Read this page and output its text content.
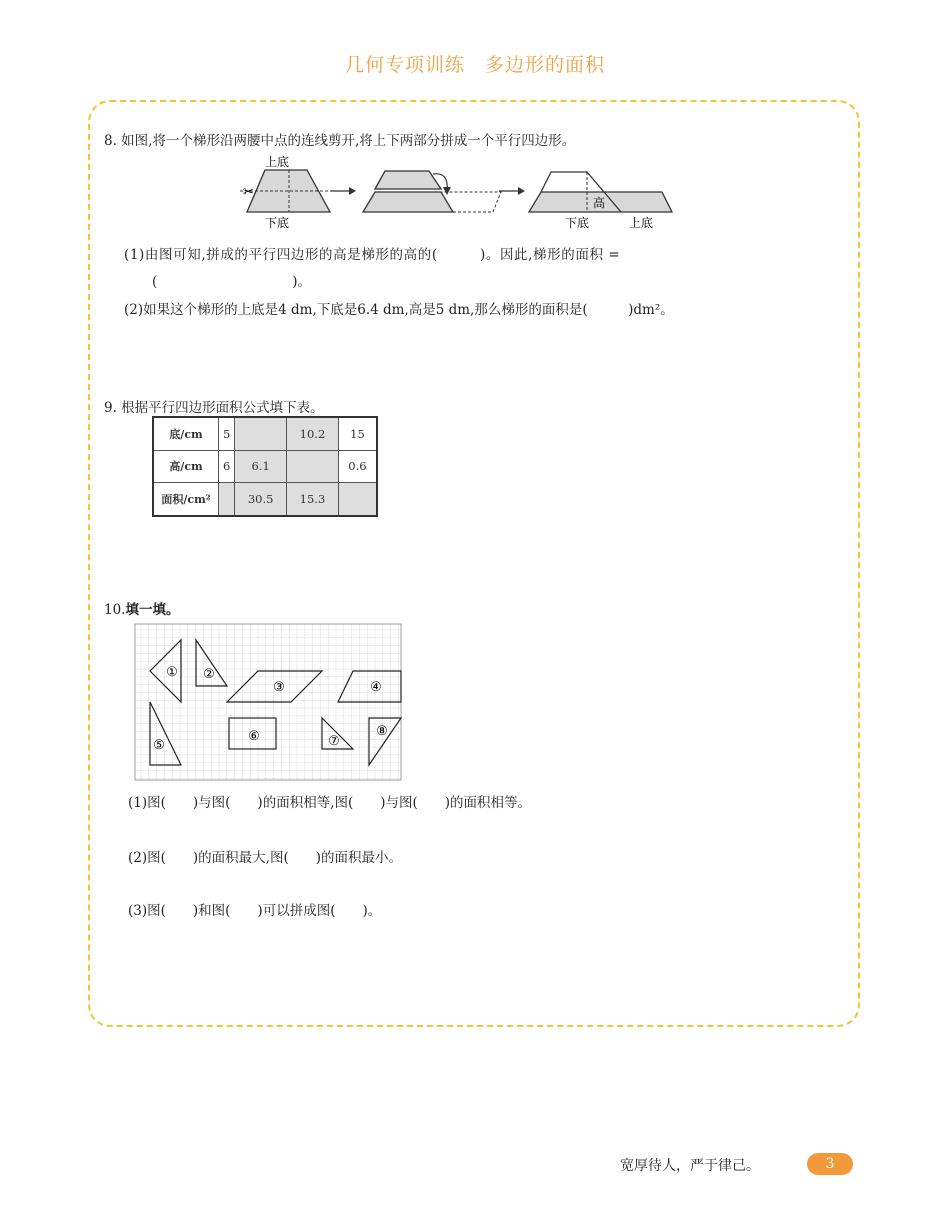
几何专项训练　多边形的面积
8. 如图,将一个梯形沿两腰中点的连线剪开,将上下两部分拼成一个平行四边形。
✂
上底
下底
高
下底	上底
(1)由图可知,拼成的平行四边形的高是梯形的高的(　　　)。因此,梯形的面积 =
(　　　　　　　　　　)。
(2)如果这个梯形的上底是4 dm,下底是6.4 dm,高是5 dm,那么梯形的面积是(　　　)dm²。
9. 根据平行四边形面积公式填下表。
底/cm	5		10.2	15
高/cm	6	6.1		0.6
面积/cm²		30.5	15.3	
10.填一填。
① ②
③	④
⑤
⑥	⑦
⑧
(1)图(　　)与图(　　)的面积相等,图(　　)与图(　　)的面积相等。
(2)图(　　)的面积最大,图(　　)的面积最小。
(3)图(　　)和图(　　)可以拼成图(　　)。
宽厚待人，严于律己。	3
